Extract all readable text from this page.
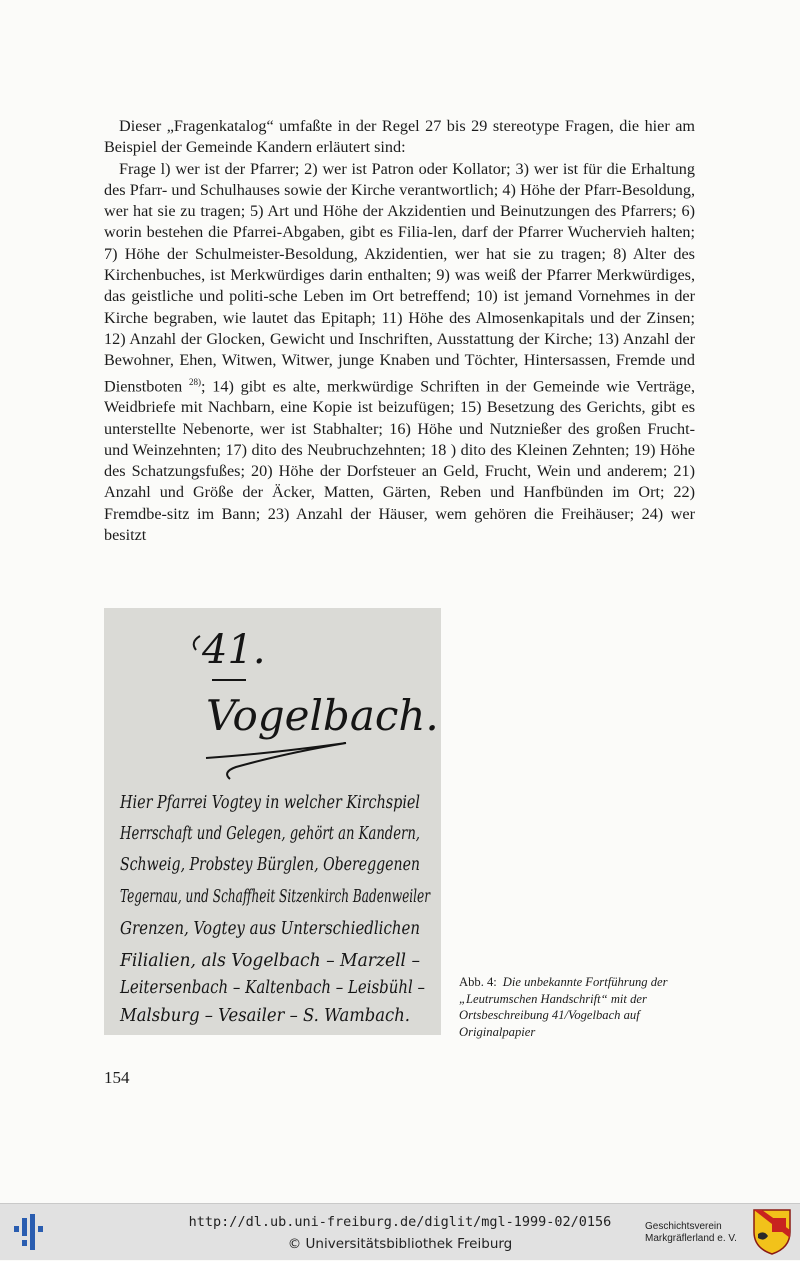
Dieser „Fragenkatalog“ umfaßte in der Regel 27 bis 29 stereotype Fragen, die hier am Beispiel der Gemeinde Kandern erläutert sind:

Frage l) wer ist der Pfarrer; 2) wer ist Patron oder Kollator; 3) wer ist für die Erhaltung des Pfarr- und Schulhauses sowie der Kirche verantwortlich; 4) Höhe der Pfarr-Besoldung, wer hat sie zu tragen; 5) Art und Höhe der Akzidentien und Beinutzungen des Pfarrers; 6) worin bestehen die Pfarrei-Abgaben, gibt es Filia-len, darf der Pfarrer Wuchervieh halten; 7) Höhe der Schulmeister-Besoldung, Akzidentien, wer hat sie zu tragen; 8) Alter des Kirchenbuches, ist Merkwürdiges darin enthalten; 9) was weiß der Pfarrer Merkwürdiges, das geistliche und politi-sche Leben im Ort betreffend; 10) ist jemand Vornehmes in der Kirche begraben, wie lautet das Epitaph; 11) Höhe des Almosenkapitals und der Zinsen; 12) Anzahl der Glocken, Gewicht und Inschriften, Ausstattung der Kirche; 13) Anzahl der Bewohner, Ehen, Witwen, Witwer, junge Knaben und Töchter, Hintersassen, Fremde und Dienstboten $^{28)}$; 14) gibt es alte, merkwürdige Schriften in der Gemeinde wie Verträge, Weidbriefe mit Nachbarn, eine Kopie ist beizufügen; 15) Besetzung des Gerichts, gibt es unterstellte Nebenorte, wer ist Stabhalter; 16) Höhe und Nutznießer des großen Frucht- und Weinzehnten; 17) dito des Neubruchzehnten; 18 ) dito des Kleinen Zehnten; 19) Höhe des Schatzungsfußes; 20) Höhe der Dorfsteuer an Geld, Frucht, Wein und anderem; 21) Anzahl und Größe der Äcker, Matten, Gärten, Reben und Hanfbünden im Ort; 22) Fremdbe-sitz im Bann; 23) Anzahl der Häuser, wem gehören die Freihäuser; 24) wer besitzt

41.
Vogelbach.
Hier Pfarrei Vogtey in welcher Kirchspiel
Herrschaft und Gelegen, gehört an Kandern,
Schweig, Probstey Bürglen, Obereggenen
Tegernau, und Schaffheit Sitzenkirch Badenweiler
Grenzen, Vogtey aus Unterschiedlichen
Filialien, als Vogelbach – Marzell –
Leitersenbach – Kaltenbach – Leisbühl –
Malsburg – Vesailer – S. Wambach.
Abb. 4: Die unbekannte Fortführung der „Leutrumschen Handschrift“ mit der Ortsbeschreibung 41/Vogelbach auf Originalpapier
154
http://dl.ub.uni-freiburg.de/diglit/mgl-1999-02/0156
© Universitätsbibliothek Freiburg
Geschichtsverein
Markgräflerland e. V.
